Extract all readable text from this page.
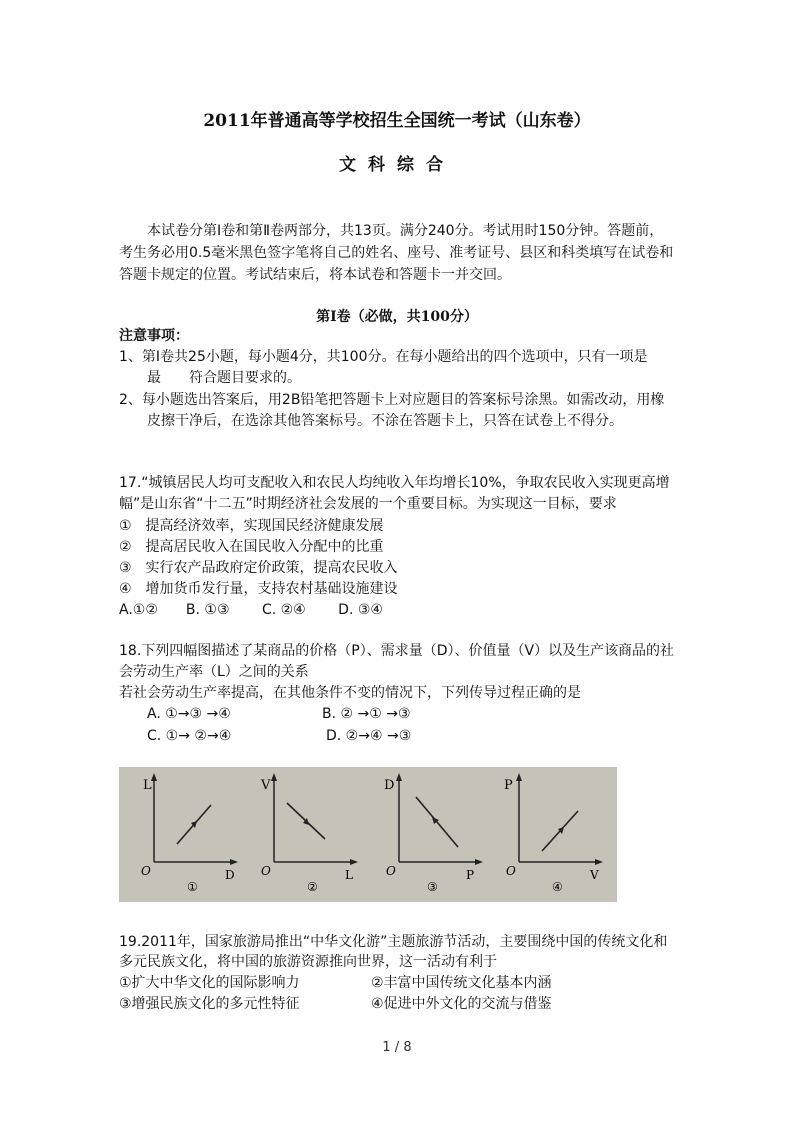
2011年普通高等学校招生全国统一考试（山东卷）
文科综合
本试卷分第Ⅰ卷和第Ⅱ卷两部分，共13页。满分240分。考试用时150分钟。答题前，
考生务必用0.5毫米黑色签字笔将自己的姓名、座号、准考证号、县区和科类填写在试卷和
答题卡规定的位置。考试结束后，将本试卷和答题卡一并交回。
第Ⅰ卷（必做，共100分）
注意事项：
1、第Ⅰ卷共25小题，每小题4分，共100分。在每小题给出的四个选项中，只有一项是
最　　符合题目要求的。
2、每小题选出答案后，用2B铅笔把答题卡上对应题目的答案标号涂黑。如需改动，用橡
皮擦干净后，在选涂其他答案标号。不涂在答题卡上，只答在试卷上不得分。
17.“城镇居民人均可支配收入和农民人均纯收入年均增长10%，争取农民收入实现更高增
幅”是山东省“十二五”时期经济社会发展的一个重要目标。为实现这一目标，要求
①　提高经济效率，实现国民经济健康发展
②　提高居民收入在国民收入分配中的比重
③　实行农产品政府定价政策，提高农民收入
④　增加货币发行量，支持农村基础设施建设
A.①②　　B. ①③　　 C. ②④　　 D. ③④
18.下列四幅图描述了某商品的价格（P）、需求量（D）、价值量（V）以及生产该商品的社
会劳动生产率（L）之间的关系
若社会劳动生产率提高，在其他条件不变的情况下，下列传导过程正确的是
A. ①→③ →④	B. ② →① →③
C. ①→ ②→④	D. ②→④ →③
L
O	D
①
V
O	L
②
D
O	P
③
P
O	V
④
19.2011年，国家旅游局推出“中华文化游”主题旅游节活动，主要围绕中国的传统文化和
多元民族文化，将中国的旅游资源推向世界，这一活动有利于
①扩大中华文化的国际影响力	②丰富中国传统文化基本内涵
③增强民族文化的多元性特征	④促进中外文化的交流与借鉴
1 / 8
